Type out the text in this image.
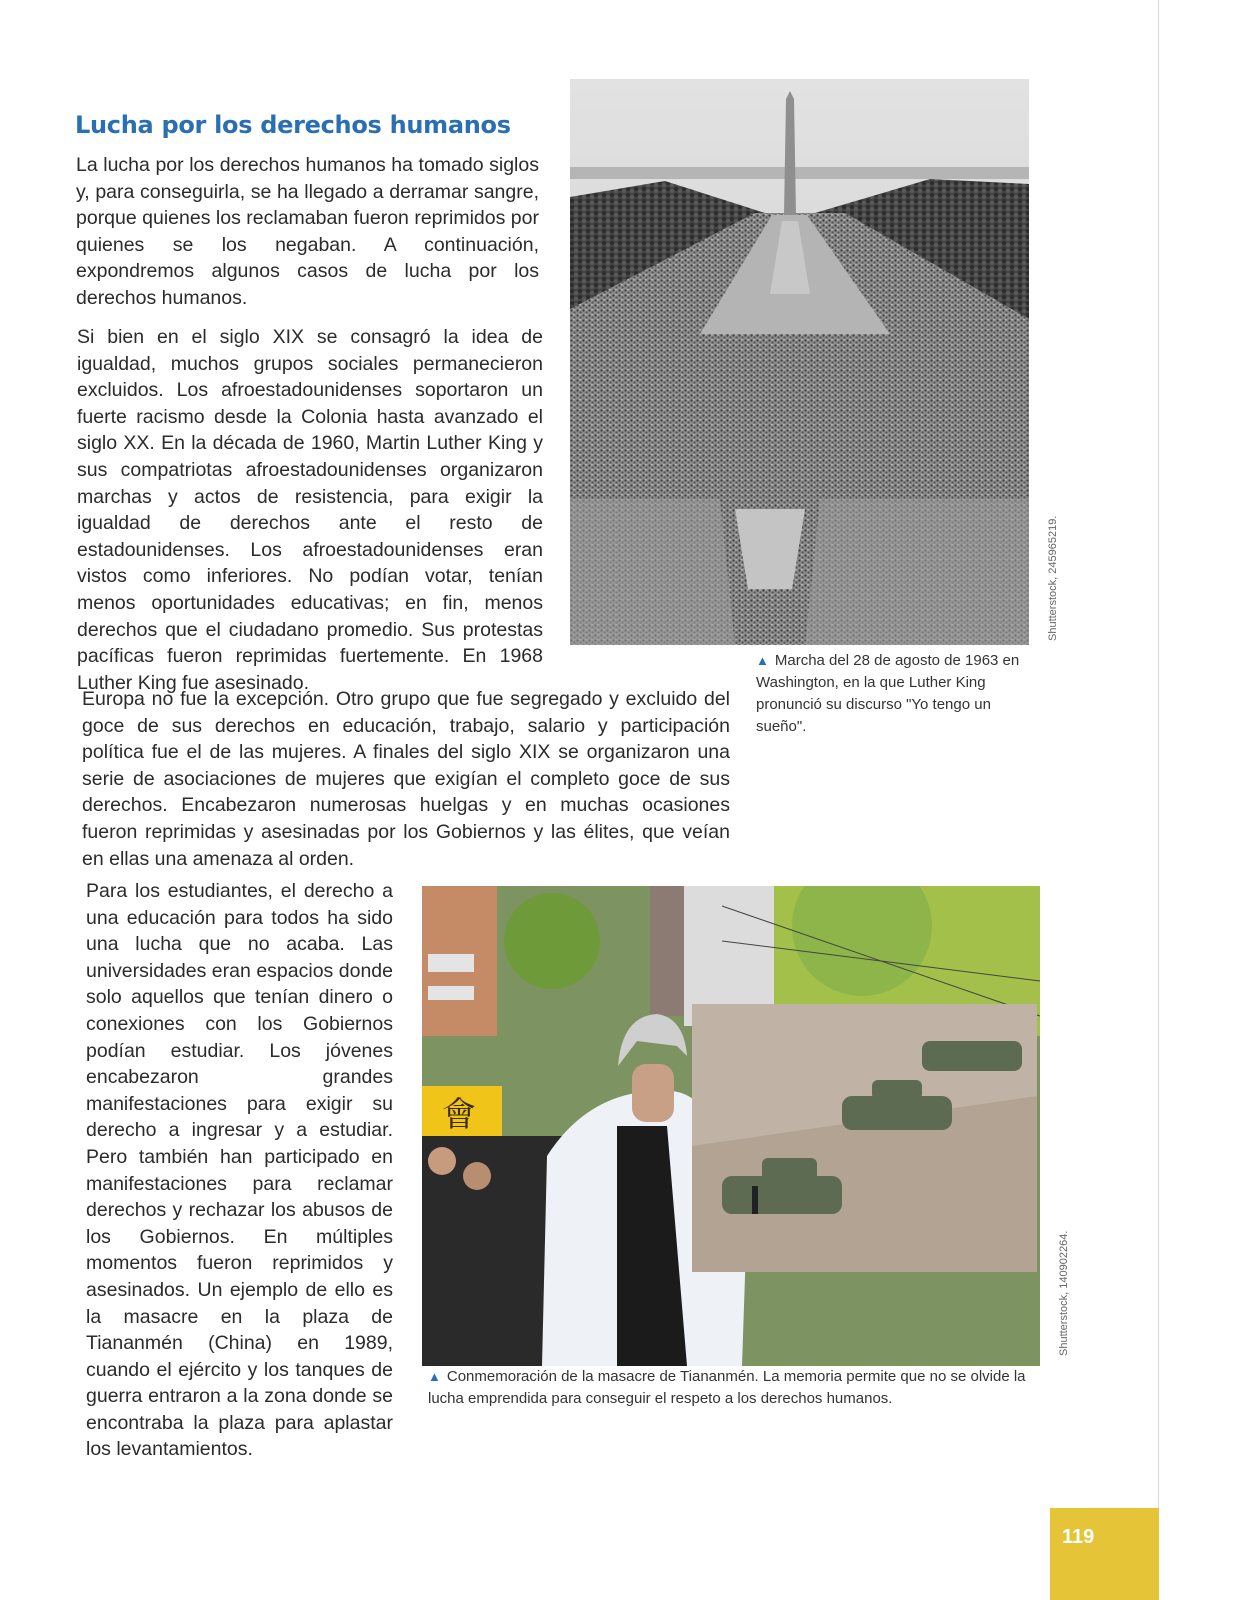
Lucha por los derechos humanos

La lucha por los derechos humanos ha tomado siglos y, para conseguirla, se ha llegado a derramar sangre, porque quienes los reclamaban fueron reprimidos por quienes se los negaban. A continuación, expondremos algunos casos de lucha por los derechos humanos.

Si bien en el siglo XIX se consagró la idea de igualdad, muchos grupos sociales permanecieron excluidos. Los afroestadounidenses soportaron un fuerte racismo desde la Colonia hasta avanzado el siglo XX. En la década de 1960, Martin Luther King y sus compatriotas afroestadounidenses organizaron marchas y actos de resistencia, para exigir la igualdad de derechos ante el resto de estadounidenses. Los afroestadounidenses eran vistos como inferiores. No podían votar, tenían menos oportunidades educativas; en fin, menos derechos que el ciudadano promedio. Sus protestas pacíficas fueron reprimidas fuertemente. En 1968 Luther King fue asesinado.

Europa no fue la excepción. Otro grupo que fue segregado y excluido del goce de sus derechos en educación, trabajo, salario y participación política fue el de las mujeres. A finales del siglo XIX se organizaron una serie de asociaciones de mujeres que exigían el completo goce de sus derechos. Encabezaron numerosas huelgas y en muchas ocasiones fueron reprimidas y asesinadas por los Gobiernos y las élites, que veían en ellas una amenaza al orden.

Para los estudiantes, el derecho a una educación para todos ha sido una lucha que no acaba. Las universidades eran espacios donde solo aquellos que tenían dinero o conexiones con los Gobiernos podían estudiar. Los jóvenes encabezaron grandes manifestaciones para exigir su derecho a ingresar y a estudiar. Pero también han participado en manifestaciones para reclamar derechos y rechazar los abusos de los Gobiernos. En múltiples momentos fueron reprimidos y asesinados. Un ejemplo de ello es la masacre en la plaza de Tiananmén (China) en 1989, cuando el ejército y los tanques de guerra entraron a la zona donde se encontraba la plaza para aplastar los levantamientos.

Shutterstock, 245965219.
▲ Marcha del 28 de agosto de 1963 en Washington, en la que Luther King pronunció su discurso "Yo tengo un sueño".
會
Shutterstock, 140902264.
▲ Conmemoración de la masacre de Tiananmén. La memoria permite que no se olvide la lucha emprendida para conseguir el respeto a los derechos humanos.
119
